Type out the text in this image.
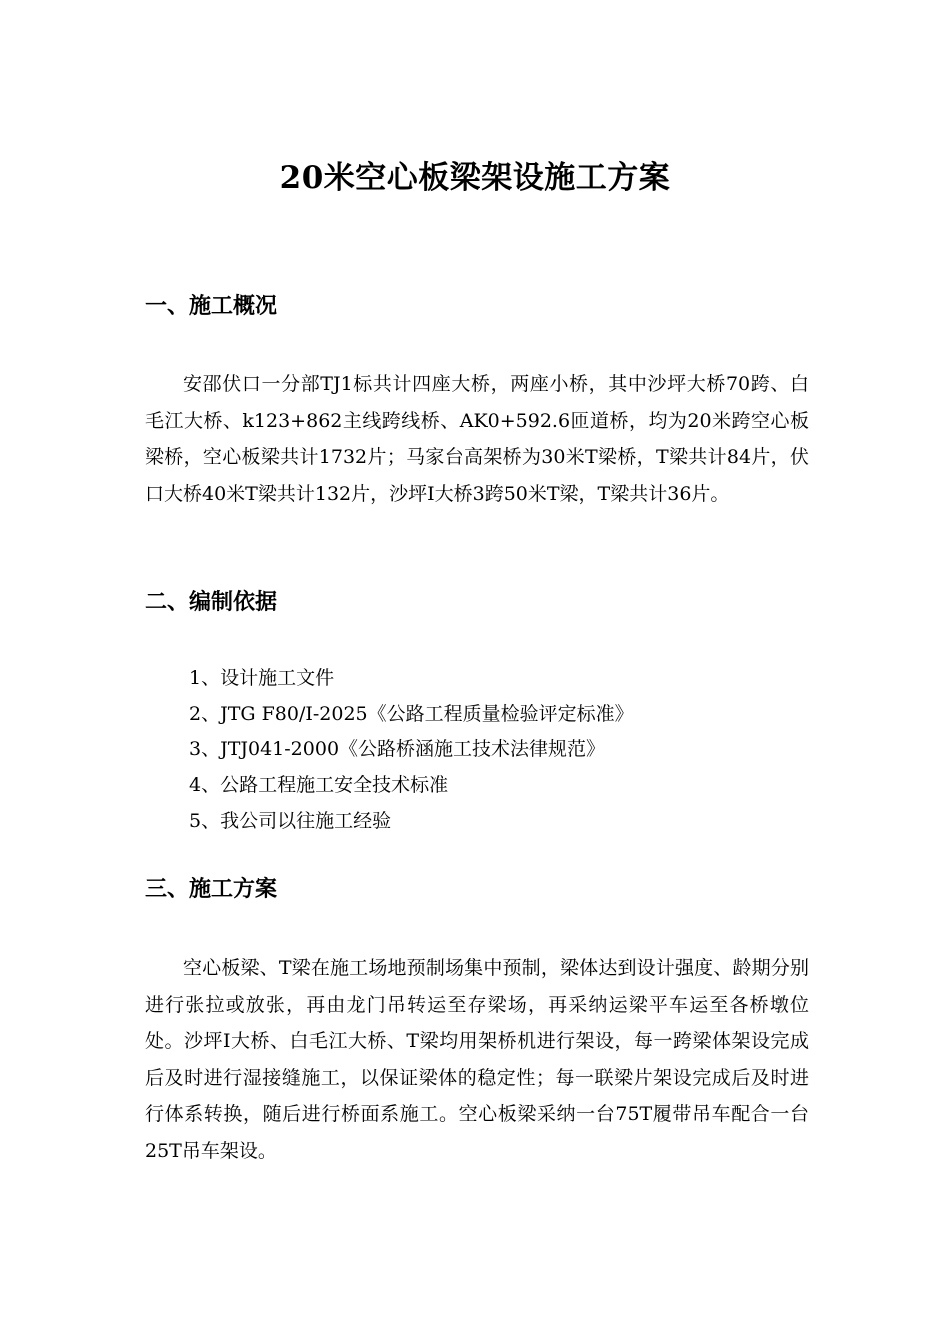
20米空心板梁架设施工方案
一、施工概况

安邵伏口一分部TJ1标共计四座大桥，两座小桥，其中沙坪大桥70跨、白毛江大桥、k123+862主线跨线桥、AK0+592.6匝道桥，均为20米跨空心板梁桥，空心板梁共计1732片；马家台高架桥为30米T梁桥，T梁共计84片，伏口大桥40米T梁共计132片，沙坪Ⅰ大桥3跨50米T梁，T梁共计36片。

二、编制依据
1、设计施工文件
2、JTG F80/I-2025《公路工程质量检验评定标准》
3、JTJ041-2000《公路桥涵施工技术法律规范》
4、公路工程施工安全技术标准
5、我公司以往施工经验
三、施工方案

空心板梁、T梁在施工场地预制场集中预制，梁体达到设计强度、龄期分别进行张拉或放张，再由龙门吊转运至存梁场，再采纳运梁平车运至各桥墩位处。沙坪Ⅰ大桥、白毛江大桥、T梁均用架桥机进行架设，每一跨梁体架设完成后及时进行湿接缝施工，以保证梁体的稳定性；每一联梁片架设完成后及时进行体系转换，随后进行桥面系施工。空心板梁采纳一台75T履带吊车配合一台25T吊车架设。
